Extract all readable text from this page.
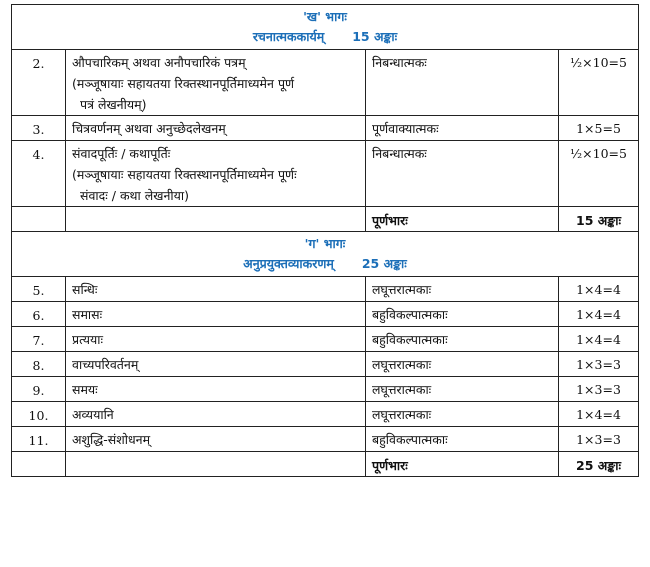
'ख' भागः
रचनात्मककार्यम् 15 अङ्काः			

2.	औपचारिकम् अथवा अनौपचारिकं पत्रम्
(मञ्जूषायाः सहायतया रिक्तस्थानपूर्तिमाध्यमेन पूर्ण
पत्रं लेखनीयम्)	निबन्धात्मकः	½×10=5
3.	चित्रवर्णनम् अथवा अनुच्छेदलेखनम्	पूर्णवाक्यात्मकः	1×5=5
4.	संवादपूर्तिः / कथापूर्तिः
(मञ्जूषायाः सहायतया रिक्तस्थानपूर्तिमाध्यमेन पूर्णः
संवादः / कथा लेखनीया)	निबन्धात्मकः	½×10=5
		पूर्णभारः	15 अङ्काः

'ग' भागः
अनुप्रयुक्तव्याकरणम् 25 अङ्काः			

5.	सन्धिः	लघूत्तरात्मकाः	1×4=4
6.	समासः	बहुविकल्पात्मकाः	1×4=4
7.	प्रत्ययाः	बहुविकल्पात्मकाः	1×4=4
8.	वाच्यपरिवर्तनम्	लघूत्तरात्मकाः	1×3=3
9.	समयः	लघूत्तरात्मकाः	1×3=3
10.	अव्ययानि	लघूत्तरात्मकाः	1×4=4
11.	अशुद्धि-संशोधनम्	बहुविकल्पात्मकाः	1×3=3
		पूर्णभारः	25 अङ्काः
